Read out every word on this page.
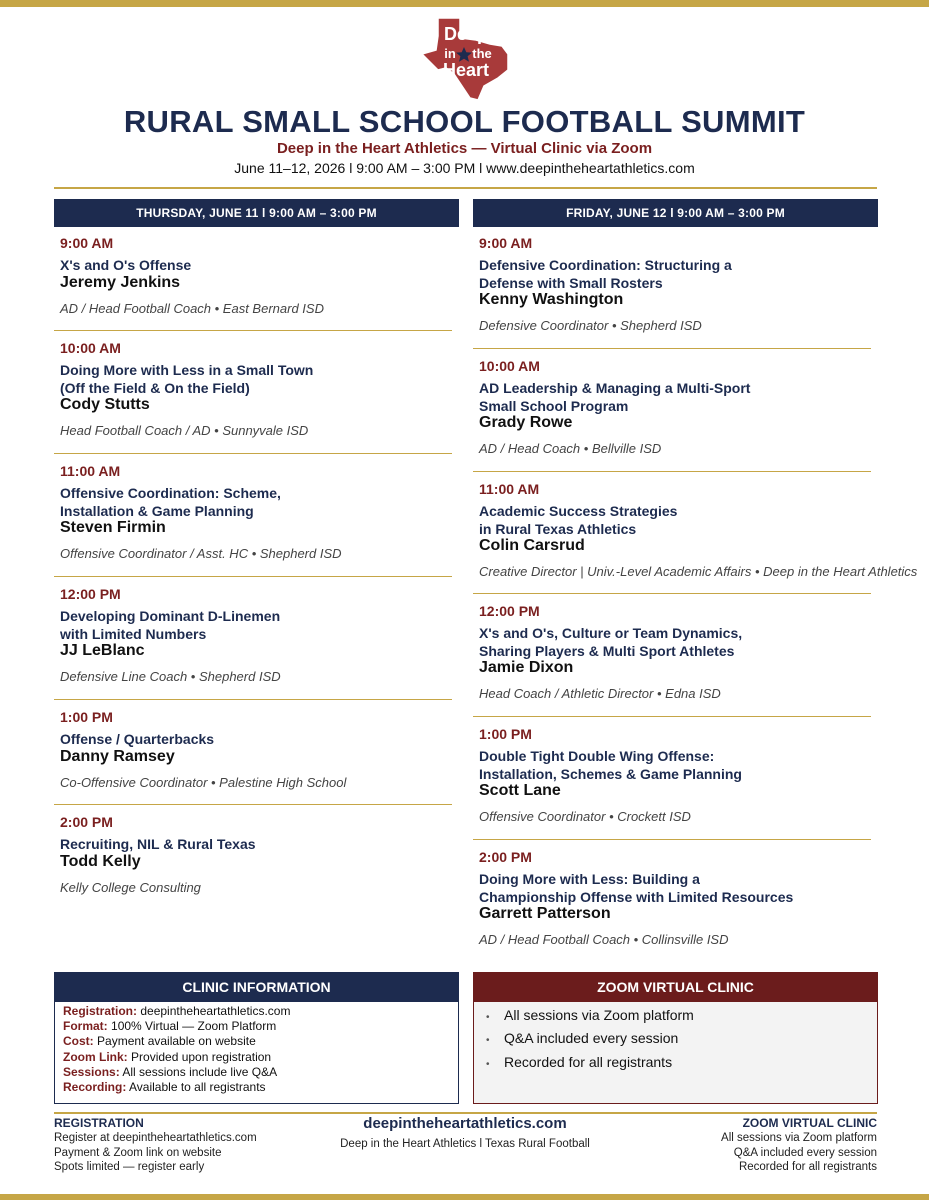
Deep
in the
Heart
RURAL SMALL SCHOOL FOOTBALL SUMMIT
Deep in the Heart Athletics — Virtual Clinic via Zoom
June 11–12, 2026 l 9:00 AM – 3:00 PM l www.deepintheheartathletics.com
THURSDAY, JUNE 11 l 9:00 AM – 3:00 PM
9:00 AM
X's and O's Offense
Jeremy Jenkins
AD / Head Football Coach • East Bernard ISD
10:00 AM
Doing More with Less in a Small Town
(Off the Field & On the Field)
Cody Stutts
Head Football Coach / AD • Sunnyvale ISD
11:00 AM
Offensive Coordination: Scheme,
Installation & Game Planning
Steven Firmin
Offensive Coordinator / Asst. HC • Shepherd ISD
12:00 PM
Developing Dominant D-Linemen
with Limited Numbers
JJ LeBlanc
Defensive Line Coach • Shepherd ISD
1:00 PM
Offense / Quarterbacks
Danny Ramsey
Co-Offensive Coordinator • Palestine High School
2:00 PM
Recruiting, NIL & Rural Texas
Todd Kelly
Kelly College Consulting
FRIDAY, JUNE 12 l 9:00 AM – 3:00 PM
9:00 AM
Defensive Coordination: Structuring a
Defense with Small Rosters
Kenny Washington
Defensive Coordinator • Shepherd ISD
10:00 AM
AD Leadership & Managing a Multi-Sport
Small School Program
Grady Rowe
AD / Head Coach • Bellville ISD
11:00 AM
Academic Success Strategies
in Rural Texas Athletics
Colin Carsrud
Creative Director | Univ.-Level Academic Affairs • Deep in the Heart Athletics
12:00 PM
X's and O's, Culture or Team Dynamics,
Sharing Players & Multi Sport Athletes
Jamie Dixon
Head Coach / Athletic Director • Edna ISD
1:00 PM
Double Tight Double Wing Offense:
Installation, Schemes & Game Planning
Scott Lane
Offensive Coordinator • Crockett ISD
2:00 PM
Doing More with Less: Building a
Championship Offense with Limited Resources
Garrett Patterson
AD / Head Football Coach • Collinsville ISD
CLINIC INFORMATION
Registration: deepintheheartathletics.com
Format: 100% Virtual — Zoom Platform
Cost: Payment available on website
Zoom Link: Provided upon registration
Sessions: All sessions include live Q&A
Recording: Available to all registrants
ZOOM VIRTUAL CLINIC
• All sessions via Zoom platform
• Q&A included every session
• Recorded for all registrants
REGISTRATION
Register at deepintheheartathletics.com
Payment & Zoom link on website
Spots limited — register early
deepintheheartathletics.com
Deep in the Heart Athletics l Texas Rural Football
ZOOM VIRTUAL CLINIC
All sessions via Zoom platform
Q&A included every session
Recorded for all registrants
